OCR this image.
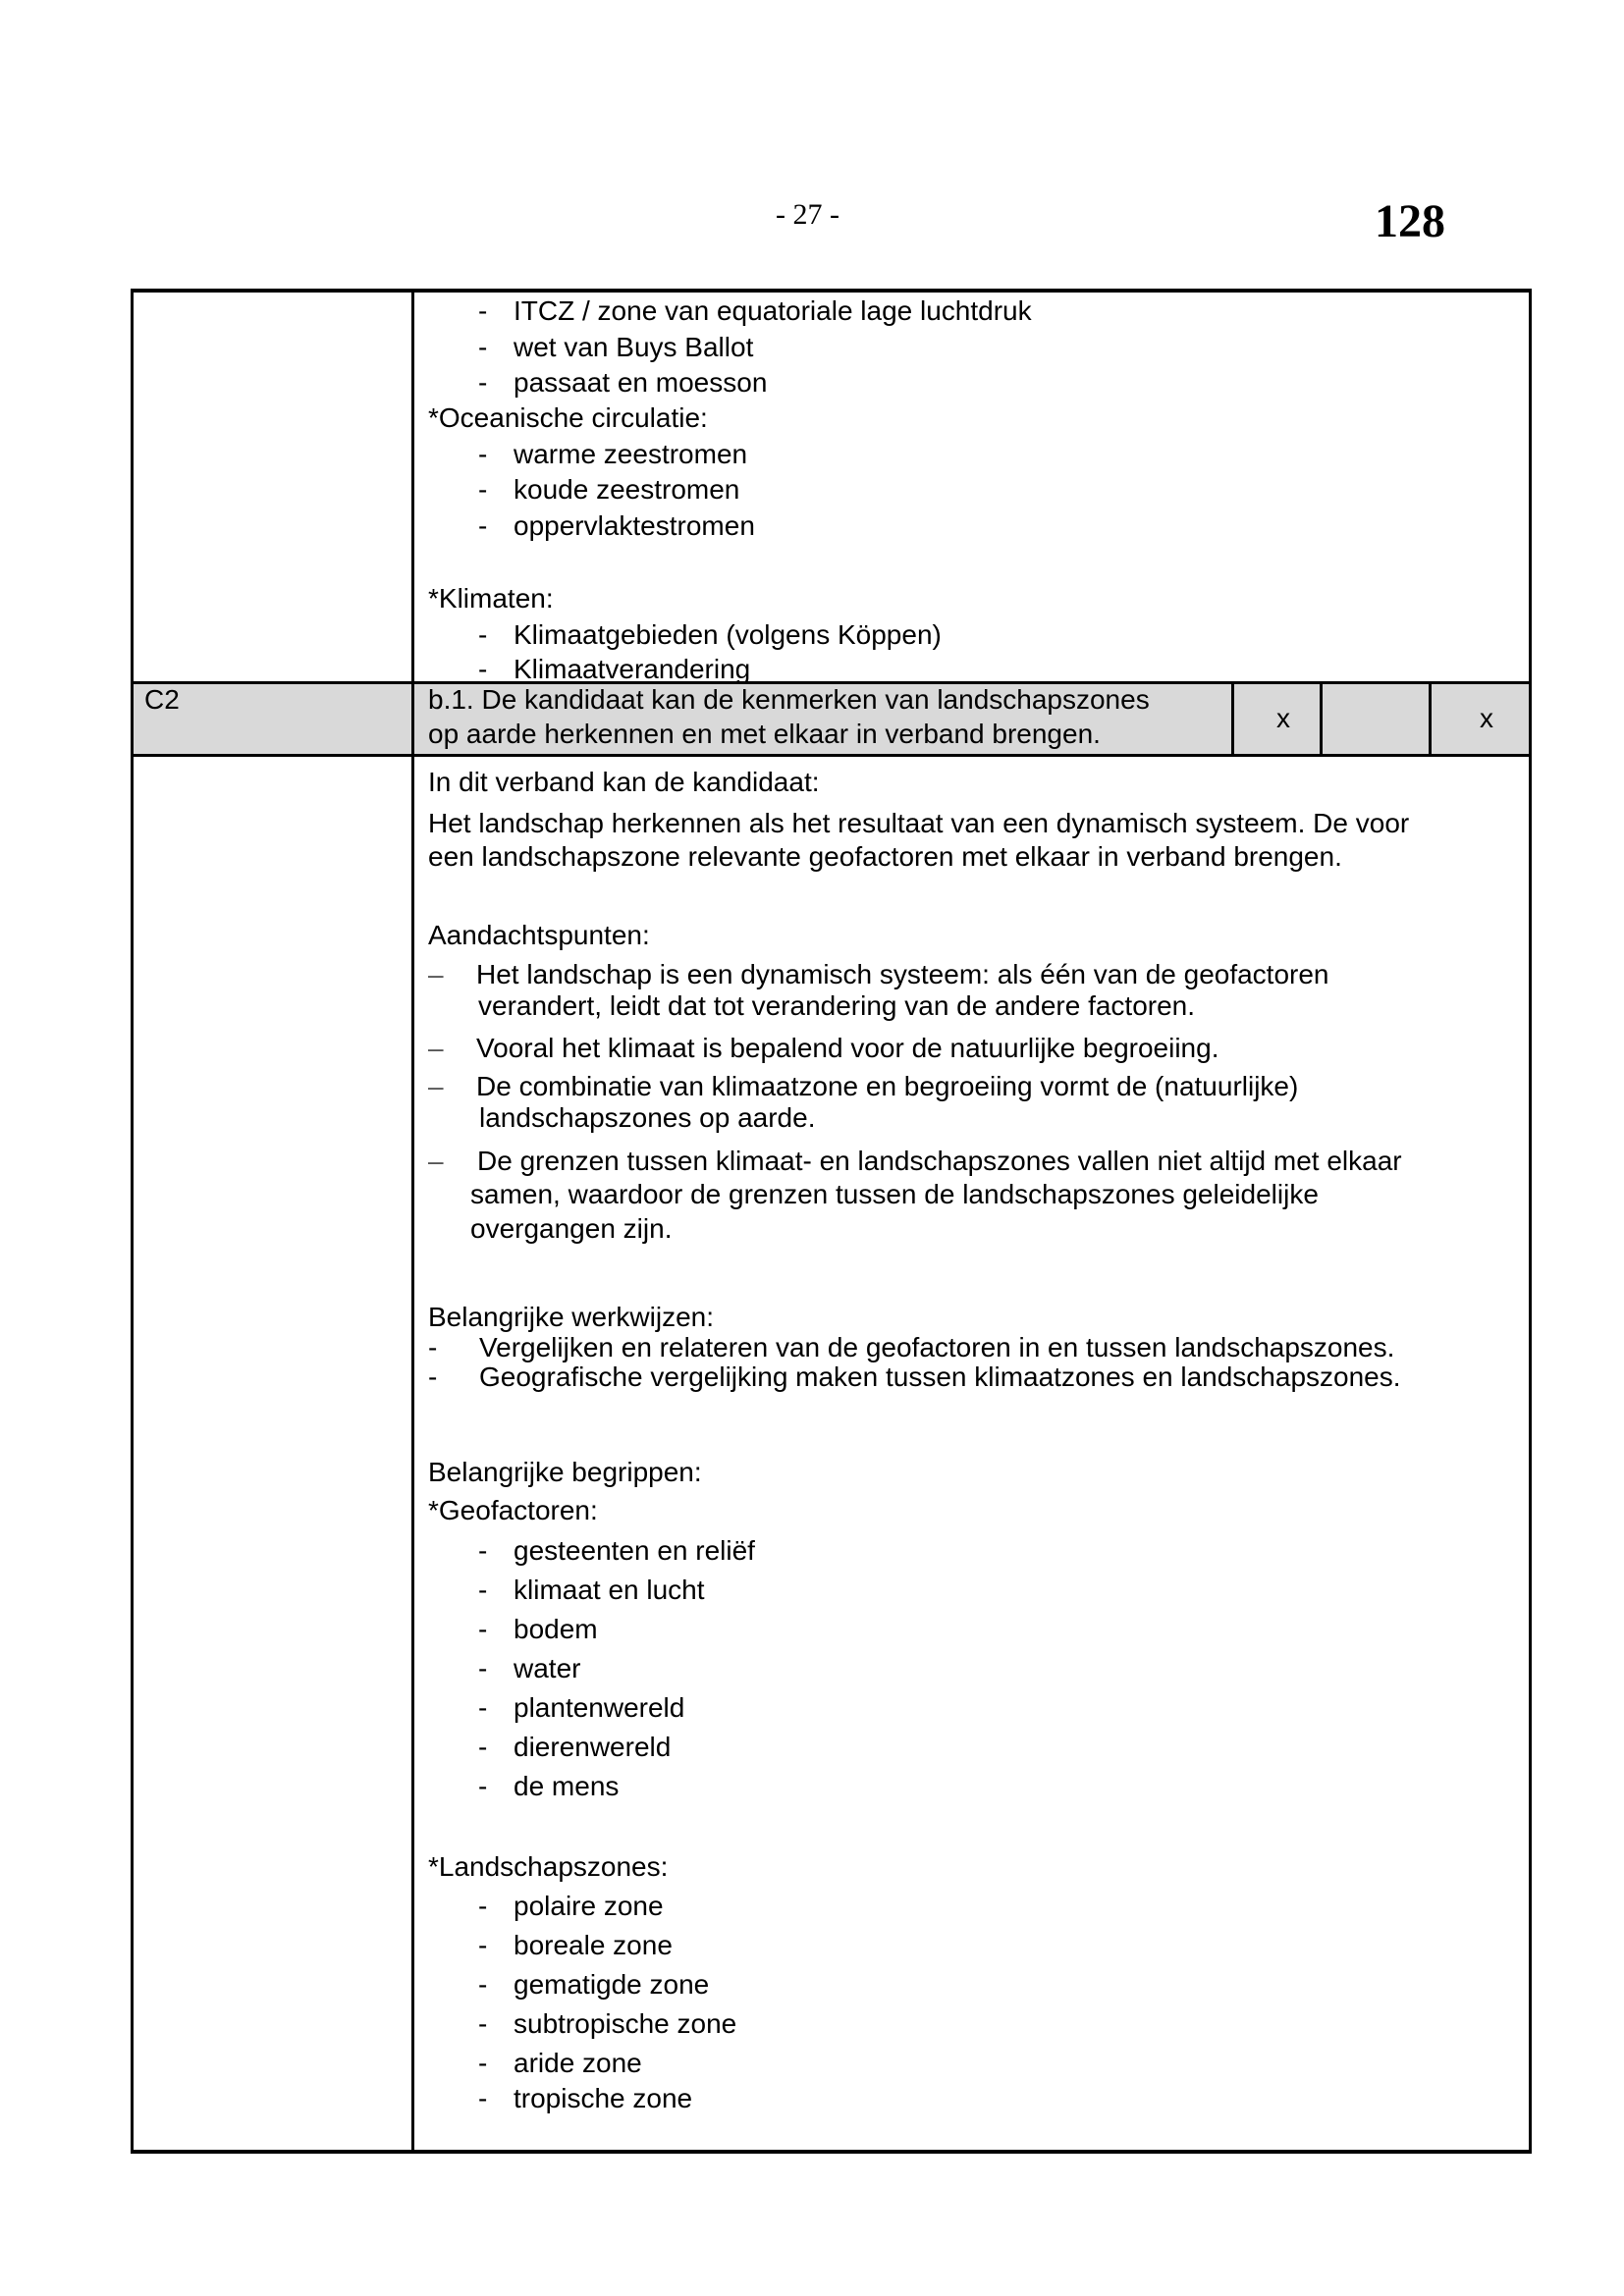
- 27 -	128
- ITCZ / zone van equatoriale lage luchtdruk
- wet van Buys Ballot
- passaat en moesson
*Oceanische circulatie:
- warme zeestromen
- koude zeestromen
- oppervlaktestromen
*Klimaten:
- Klimaatgebieden (volgens Köppen)
- Klimaatverandering
C2	b.1. De kandidaat kan de kenmerken van landschapszones
op aarde herkennen en met elkaar in verband brengen.
In dit verband kan de kandidaat:
Het landschap herkennen als het resultaat van een dynamisch systeem. De voor
een landschapszone relevante geofactoren met elkaar in verband brengen.
Aandachtspunten:
– Het landschap is een dynamisch systeem: als één van de geofactoren
verandert, leidt dat tot verandering van de andere factoren.
– Vooral het klimaat is bepalend voor de natuurlijke begroeiing.
– De combinatie van klimaatzone en begroeiing vormt de (natuurlijke)
landschapszones op aarde.
– De grenzen tussen klimaat- en landschapszones vallen niet altijd met elkaar
samen, waardoor de grenzen tussen de landschapszones geleidelijke
overgangen zijn.
Belangrijke werkwijzen:
- Vergelijken en relateren van de geofactoren in en tussen landschapszones.
- Geografische vergelijking maken tussen klimaatzones en landschapszones.
Belangrijke begrippen:
*Geofactoren:
- gesteenten en reliëf
- klimaat en lucht
- bodem
- water
- plantenwereld
- dierenwereld
- de mens
*Landschapszones:
- polaire zone
- boreale zone
- gematigde zone
- subtropische zone
- aride zone
- tropische zone
